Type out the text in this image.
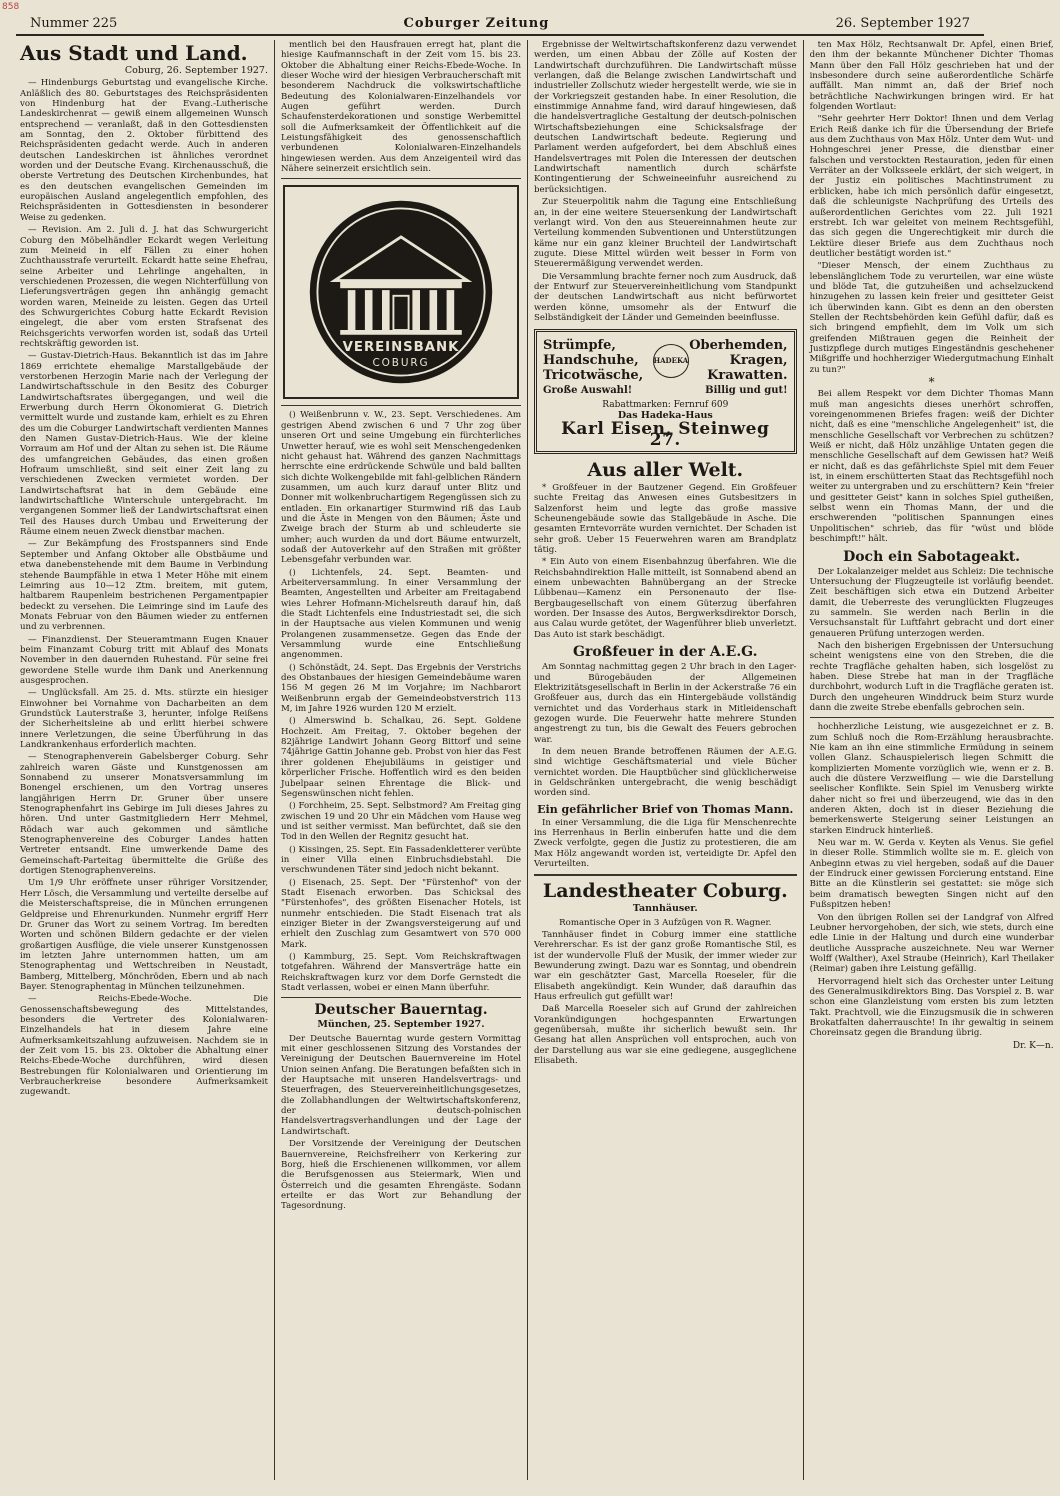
858
Nummer 225	Coburger Zeitung	26. September 1927
Aus Stadt und Land.
Coburg, 26. September 1927.

— Hindenburgs Geburtstag und evangelische Kirche. Anläßlich des 80. Geburtstages des Reichspräsidenten von Hindenburg hat der Evang.-Lutherische Landeskirchenrat — gewiß einem allgemeinen Wunsch entsprechend — veranlaßt, daß in den Gottesdiensten am Sonntag, den 2. Oktober fürbittend des Reichspräsidenten gedacht werde. Auch in anderen deutschen Landeskirchen ist ähnliches verordnet worden und der Deutsche Evang. Kirchenausschuß, die oberste Vertretung des Deutschen Kirchenbundes, hat es den deutschen evangelischen Gemeinden im europäischen Ausland angelegentlich empfohlen, des Reichspräsidenten in Gottesdiensten in besonderer Weise zu gedenken.

— Revision. Am 2. Juli d. J. hat das Schwurgericht Coburg den Möbelhändler Eckardt wegen Verleitung zum Meineid in elf Fällen zu einer hohen Zuchthausstrafe verurteilt. Eckardt hatte seine Ehefrau, seine Arbeiter und Lehrlinge angehalten, in verschiedenen Prozessen, die wegen Nichterfüllung von Lieferungsverträgen gegen ihn anhängig gemacht worden waren, Meineide zu leisten. Gegen das Urteil des Schwurgerichtes Coburg hatte Eckardt Revision eingelegt, die aber vom ersten Strafsenat des Reichsgerichts verworfen worden ist, sodaß das Urteil rechtskräftig geworden ist.

— Gustav-Dietrich-Haus. Bekanntlich ist das im Jahre 1869 errichtete ehemalige Marstallgebäude der verstorbenen Herzogin Marie nach der Verlegung der Landwirtschaftsschule in den Besitz des Coburger Landwirtschaftsrates übergegangen, und weil die Erwerbung durch Herrn Ökonomierat G. Dietrich vermittelt wurde und zustande kam, erhielt es zu Ehren des um die Coburger Landwirtschaft verdienten Mannes den Namen Gustav-Dietrich-Haus. Wie der kleine Vorraum am Hof und der Altan zu sehen ist. Die Räume des umfangreichen Gebäudes, das einen großen Hofraum umschließt, sind seit einer Zeit lang zu verschiedenen Zwecken vermietet worden. Der Landwirtschaftsrat hat in dem Gebäude eine landwirtschaftliche Winterschule untergebracht. Im vergangenen Sommer ließ der Landwirtschaftsrat einen Teil des Hauses durch Umbau und Erweiterung der Räume einem neuen Zweck dienstbar machen.

— Zur Bekämpfung des Frostspanners sind Ende September und Anfang Oktober alle Obstbäume und etwa danebenstehende mit dem Baume in Verbindung stehende Baumpfähle in etwa 1 Meter Höhe mit einem Leimring aus 10—12 Ztm. breitem, mit gutem, haltbarem Raupenleim bestrichenen Pergamentpapier bedeckt zu versehen. Die Leimringe sind im Laufe des Monats Februar von den Bäumen wieder zu entfernen und zu verbrennen.

— Finanzdienst. Der Steueramtmann Eugen Knauer beim Finanzamt Coburg tritt mit Ablauf des Monats November in den dauernden Ruhestand. Für seine frei gewordene Stelle wurde ihm Dank und Anerkennung ausgesprochen.

— Unglücksfall. Am 25. d. Mts. stürzte ein hiesiger Einwohner bei Vornahme von Dacharbeiten an dem Grundstück Lauterstraße 3, herunter, infolge Reißens der Sicherheitsleine ab und erlitt hierbei schwere innere Verletzungen, die seine Überführung in das Landkrankenhaus erforderlich machten.

— Stenographenverein Gabelsberger Coburg. Sehr zahlreich waren Gäste und Kunstgenossen am Sonnabend zu unserer Monatsversammlung im Bonengel erschienen, um den Vortrag unseres langjährigen Herrn Dr. Gruner über unsere Stenographenfahrt ins Gebirge im Juli dieses Jahres zu hören. Und unter Gastmitgliedern Herr Mehmel, Rödach war auch gekommen und sämtliche Stenographenvereine des Coburger Landes hatten Vertreter entsandt. Eine umwerkende Dame des Gemeinschaft-Parteitag übermittelte die Grüße des dortigen Stenographenvereins.

Um 1/9 Uhr eröffnete unser rühriger Vorsitzender, Herr Lösch, die Versammlung und verteilte derselbe auf die Meisterschaftspreise, die in München errungenen Geldpreise und Ehrenurkunden. Nunmehr ergriff Herr Dr. Gruner das Wort zu seinem Vortrag. Im beredten Worten und schönen Bildern gedachte er der vielen großartigen Ausflüge, die viele unserer Kunstgenossen im letzten Jahre unternommen hatten, um am Stenographentag und Wettschreiben in Neustadt, Bamberg, Mittelberg, Mönchröden, Ebern und ab nach Bayer. Stenographentag in München teilzunehmen.

— Reichs-Ebede-Woche. Die Genossenschaftsbewegung des Mittelstandes, besonders die Vertreter des Kolonialwaren-Einzelhandels hat in diesem Jahre eine Aufmerksamkeitszahlung aufzuweisen. Nachdem sie in der Zeit vom 15. bis 23. Oktober die Abhaltung einer Reichs-Ebede-Woche durchführen, wird diesen Bestrebungen für Kolonialwaren und Orientierung im Verbraucherkreise besondere Aufmerksamkeit zugewandt.

mentlich bei den Hausfrauen erregt hat, plant die hiesige Kaufmannschaft in der Zeit vom 15. bis 23. Oktober die Abhaltung einer Reichs-Ebede-Woche. In dieser Woche wird der hiesigen Verbraucherschaft mit besonderem Nachdruck die volkswirtschaftliche Bedeutung des Kolonialwaren-Einzelhandels vor Augen geführt werden. Durch Schaufensterdekorationen und sonstige Werbemittel soll die Aufmerksamkeit der Öffentlichkeit auf die Leistungsfähigkeit des genossenschaftlich verbundenen Kolonialwaren-Einzelhandels hingewiesen werden. Aus dem Anzeigenteil wird das Nähere seinerzeit ersichtlich sein.

VEREINSBANK
COBURG

() Weißenbrunn v. W., 23. Sept. Verschiedenes. Am gestrigen Abend zwischen 6 und 7 Uhr zog über unseren Ort und seine Umgebung ein fürchterliches Unwetter herauf, wie es wohl seit Menschengedenken nicht gehaust hat. Während des ganzen Nachmittags herrschte eine erdrückende Schwüle und bald ballten sich dichte Wolkengebilde mit fahl-gelblichen Rändern zusammen, um auch kurz darauf unter Blitz und Donner mit wolkenbruchartigem Regengüssen sich zu entladen. Ein orkanartiger Sturmwind riß das Laub und die Äste in Mengen von den Bäumen; Äste und Zweige brach der Sturm ab und schleuderte sie umher; auch wurden da und dort Bäume entwurzelt, sodaß der Autoverkehr auf den Straßen mit größter Lebensgefahr verbunden war.

() Lichtenfels, 24. Sept. Beamten- und Arbeiterversammlung. In einer Versammlung der Beamten, Angestellten und Arbeiter am Freitagabend wies Lehrer Hofmann-Michelsreuth darauf hin, daß die Stadt Lichtenfels eine Industriestadt sei, die sich in der Hauptsache aus vielen Kommunen und wenig Prolangenen zusammensetze. Gegen das Ende der Versammlung wurde eine Entschließung angenommen.

() Schönstädt, 24. Sept. Das Ergebnis der Verstrichs des Obstanbaues der hiesigen Gemeindebäume waren 156 M gegen 26 M im Vorjahre; im Nachbarort Weißenbrunn ergab der Gemeindeobstverstrich 113 M, im Jahre 1926 wurden 120 M erzielt.

() Almerswind b. Schalkau, 26. Sept. Goldene Hochzeit. Am Freitag, 7. Oktober begehen der 82jährige Landwirt Johann Georg Bittorf und seine 74jährige Gattin Johanne geb. Probst von hier das Fest ihrer goldenen Ehejubiläums in geistiger und körperlicher Frische. Hoffentlich wird es den beiden Jubelpaar seinen Ehrentage die Blick- und Segenswünschen nicht fehlen.

() Forchheim, 25. Sept. Selbstmord? Am Freitag ging zwischen 19 und 20 Uhr ein Mädchen vom Hause weg und ist seither vermisst. Man befürchtet, daß sie den Tod in den Wellen der Regnitz gesucht hat.

() Kissingen, 25. Sept. Ein Fassadenkletterer verübte in einer Villa einen Einbruchsdiebstahl. Die verschwundenen Täter sind jedoch nicht bekannt.

() Eisenach, 25. Sept. Der "Fürstenhof" von der Stadt Eisenach erworben. Das Schicksal des "Fürstenhofes", des größten Eisenacher Hotels, ist nunmehr entschieden. Die Stadt Eisenach trat als einziger Bieter in der Zwangsversteigerung auf und erhielt den Zuschlag zum Gesamtwert von 570 000 Mark.

() Kammburg, 25. Sept. Vom Reichskraftwagen totgefahren. Während der Mansverträge hatte ein Reichskraftwagen kurz vor dem Dorfe Gernstedt die Stadt verlassen, wobei er einen Mann überfuhr.

Deutscher Bauerntag.
München, 25. September 1927.

Der Deutsche Bauerntag wurde gestern Vormittag mit einer geschlossenen Sitzung des Vorstandes der Vereinigung der Deutschen Bauernvereine im Hotel Union seinen Anfang. Die Beratungen befaßten sich in der Hauptsache mit unseren Handelsvertrags- und Steuerfragen, des Steuervereinheitlichungsgesetzes, die Zollabhandlungen der Weltwirtschaftskonferenz, der deutsch-polnischen Handelsvertragsverhandlungen und der Lage der Landwirtschaft.

Der Vorsitzende der Vereinigung der Deutschen Bauernvereine, Reichsfreiherr von Kerkering zur Borg, hieß die Erschienenen willkommen, vor allem die Berufsgenossen aus Steiermark, Wien und Österreich und die gesamten Ehrengäste. Sodann erteilte er das Wort zur Behandlung der Tagesordnung.

Ergebnisse der Weltwirtschaftskonferenz dazu verwendet werden, um einen Abbau der Zölle auf Kosten der Landwirtschaft durchzuführen. Die Landwirtschaft müsse verlangen, daß die Belange zwischen Landwirtschaft und industrieller Zollschutz wieder hergestellt werde, wie sie in der Vorkriegszeit gestanden habe. In einer Resolution, die einstimmige Annahme fand, wird darauf hingewiesen, daß die handelsvertragliche Gestaltung der deutsch-polnischen Wirtschaftsbeziehungen eine Schicksalsfrage der deutschen Landwirtschaft bedeute. Regierung und Parlament werden aufgefordert, bei dem Abschluß eines Handelsvertrages mit Polen die Interessen der deutschen Landwirtschaft namentlich durch schärfste Kontingentierung der Schweineeinfuhr ausreichend zu berücksichtigen.

Zur Steuerpolitik nahm die Tagung eine Entschließung an, in der eine weitere Steuersenkung der Landwirtschaft verlangt wird. Von den aus Steuereinnahmen heute zur Verteilung kommenden Subventionen und Unterstützungen käme nur ein ganz kleiner Bruchteil der Landwirtschaft zugute. Diese Mittel würden weit besser in Form von Steuerermäßigung verwendet werden.

Die Versammlung brachte ferner noch zum Ausdruck, daß der Entwurf zur Steuervereinheitlichung vom Standpunkt der deutschen Landwirtschaft aus nicht befürwortet werden könne, umsomehr als der Entwurf die Selbständigkeit der Länder und Gemeinden beeinflusse.

Strümpfe, Handschuhe, Tricotwäsche,
HADEKA
Oberhemden, Kragen, Krawatten.
Große Auswahl!	Billig und gut!
Rabattmarken: Fernruf 609
Das Hadeka-Haus
Karl Eisen, Steinweg 27.
Aus aller Welt.

* Großfeuer in der Bautzener Gegend. Ein Großfeuer suchte Freitag das Anwesen eines Gutsbesitzers in Salzenforst heim und legte das große massive Scheunengebäude sowie das Stallgebäude in Asche. Die gesamten Erntevorräte wurden vernichtet. Der Schaden ist sehr groß. Ueber 15 Feuerwehren waren am Brandplatz tätig.

* Ein Auto von einem Eisenbahnzug überfahren. Wie die Reichsbahndirektion Halle mitteilt, ist Sonnabend abend an einem unbewachten Bahnübergang an der Strecke Lübbenau—Kamenz ein Personenauto der Ilse-Bergbaugesellschaft von einem Güterzug überfahren worden. Der Insasse des Autos, Bergwerksdirektor Dorsch, aus Calau wurde getötet, der Wagenführer blieb unverletzt. Das Auto ist stark beschädigt.

Großfeuer in der A.E.G.

Am Sonntag nachmittag gegen 2 Uhr brach in den Lager- und Bürogebäuden der Allgemeinen Elektrizitätsgesellschaft in Berlin in der Ackerstraße 76 ein Großfeuer aus, durch das ein Hintergebäude vollständig vernichtet und das Vorderhaus stark in Mitleidenschaft gezogen wurde. Die Feuerwehr hatte mehrere Stunden angestrengt zu tun, bis die Gewalt des Feuers gebrochen war.

In dem neuen Brande betroffenen Räumen der A.E.G. sind wichtige Geschäftsmaterial und viele Bücher vernichtet worden. Die Hauptbücher sind glücklicherweise in Geldschränken untergebracht, die wenig beschädigt worden sind.

Ein gefährlicher Brief von Thomas Mann.

In einer Versammlung, die die Liga für Menschenrechte ins Herrenhaus in Berlin einberufen hatte und die dem Zweck verfolgte, gegen die Justiz zu protestieren, die am Max Hölz angewandt worden ist, verteidigte Dr. Apfel den Verurteilten.

Landestheater Coburg.
Tannhäuser.

Romantische Oper in 3 Aufzügen von R. Wagner.

Tannhäuser findet in Coburg immer eine stattliche Verehrerschar. Es ist der ganz große Romantische Stil, es ist der wundervolle Fluß der Musik, der immer wieder zur Bewunderung zwingt. Dazu war es Sonntag, und obendrein war ein geschätzter Gast, Marcella Roeseler, für die Elisabeth angekündigt. Kein Wunder, daß daraufhin das Haus erfreulich gut gefüllt war!

Daß Marcella Roeseler sich auf Grund der zahlreichen Vorankündigungen hochgespannten Erwartungen gegenübersah, mußte ihr sicherlich bewußt sein. Ihr Gesang hat allen Ansprüchen voll entsprochen, auch von der Darstellung aus war sie eine gediegene, ausgeglichene Elisabeth.

ten Max Hölz, Rechtsanwalt Dr. Apfel, einen Brief, den ihm der bekannte Münchener Dichter Thomas Mann über den Fall Hölz geschrieben hat und der insbesondere durch seine außerordentliche Schärfe auffällt. Man nimmt an, daß der Brief noch beträchtliche Nachwirkungen bringen wird. Er hat folgenden Wortlaut:

"Sehr geehrter Herr Doktor! Ihnen und dem Verlag Erich Reiß danke ich für die Übersendung der Briefe aus dem Zuchthaus von Max Hölz. Unter dem Wut- und Hohngeschrei jener Presse, die dienstbar einer falschen und verstockten Restauration, jeden für einen Verräter an der Volksseele erklärt, der sich weigert, in der Justiz ein politisches Machtinstrument zu erblicken, habe ich mich persönlich dafür eingesetzt, daß die schleunigste Nachprüfung des Urteils des außerordentlichen Gerichtes vom 22. Juli 1921 erstrebt. Ich war geleitet von meinem Rechtsgefühl, das sich gegen die Ungerechtigkeit mir durch die Lektüre dieser Briefe aus dem Zuchthaus noch deutlicher bestätigt worden ist."

"Dieser Mensch, der einem Zuchthaus zu lebenslänglichem Tode zu verurteilen, war eine wüste und blöde Tat, die gutzuheißen und achselzuckend hinzugehen zu lassen kein freier und gesitteter Geist ich überwinden kann. Gibt es denn an den obersten Stellen der Rechtsbehörden kein Gefühl dafür, daß es sich bringend empfiehlt, dem im Volk um sich greifenden Mißtrauen gegen die Reinheit der Justizpflege durch mutiges Eingeständnis geschehener Mißgriffe und hochherziger Wiedergutmachung Einhalt zu tun?"

*

Bei allem Respekt vor dem Dichter Thomas Mann muß man angesichts dieses unerhört schroffen, voreingenommenen Briefes fragen: weiß der Dichter nicht, daß es eine "menschliche Angelegenheit" ist, die menschliche Gesellschaft vor Verbrechen zu schützen? Weiß er nicht, daß Hölz unzählige Untaten gegen die menschliche Gesellschaft auf dem Gewissen hat? Weiß er nicht, daß es das gefährlichste Spiel mit dem Feuer ist, in einem erschütterten Staat das Rechtsgefühl noch weiter zu untergraben und zu erschüttern? Kein "freier und gesitteter Geist" kann in solches Spiel gutheißen, selbst wenn ein Thomas Mann, der und die erschwerenden "politischen Spannungen eines Unpolitischen" schrieb, das für "wüst und blöde beschimpft!" hält.

Doch ein Sabotageakt.

Der Lokalanzeiger meldet aus Schleiz: Die technische Untersuchung der Flugzeugteile ist vorläufig beendet. Zeit beschäftigen sich etwa ein Dutzend Arbeiter damit, die Ueberreste des verunglückten Flugzeuges zu sammeln. Sie werden nach Berlin in die Versuchsanstalt für Luftfahrt gebracht und dort einer genaueren Prüfung unterzogen werden.

Nach den bisherigen Ergebnissen der Untersuchung scheint wenigstens eine von den Streben, die die rechte Tragfläche gehalten haben, sich losgelöst zu haben. Diese Strebe hat man in der Tragfläche durchbohrt, wodurch Luft in die Tragfläche geraten ist. Durch den ungeheuren Winddruck beim Sturz wurde dann die zweite Strebe ebenfalls gebrochen sein.

hochherzliche Leistung, wie ausgezeichnet er z. B. zum Schluß noch die Rom-Erzählung herausbrachte. Nie kam an ihn eine stimmliche Ermüdung in seinem vollen Glanz. Schauspielerisch liegen Schmitt die komplizierten Momente vorzüglich wie, wenn er z. B. auch die düstere Verzweiflung — wie die Darstellung seelischer Konflikte. Sein Spiel im Venusberg wirkte daher nicht so frei und überzeugend, wie das in den anderen Akten, doch ist in dieser Beziehung die bemerkenswerte Steigerung seiner Leistungen an starken Eindruck hinterließ.

Neu war m. W. Gerda v. Keyten als Venus. Sie gefiel in dieser Rolle. Stimmlich wollte sie m. E. gleich von Anbeginn etwas zu viel hergeben, sodaß auf die Dauer der Eindruck einer gewissen Forcierung entstand. Eine Bitte an die Künstlerin sei gestattet: sie möge sich beim dramatisch bewegten Singen nicht auf den Fußspitzen heben!

Von den übrigen Rollen sei der Landgraf von Alfred Leubner hervorgehoben, der sich, wie stets, durch eine edle Linie in der Haltung und durch eine wunderbar deutliche Aussprache auszeichnete. Neu war Werner Wolff (Walther), Axel Straube (Heinrich), Karl Theilaker (Reimar) gaben ihre Leistung gefällig.

Hervorragend hielt sich das Orchester unter Leitung des Generalmusikdirektors Bing. Das Vorspiel z. B. war schon eine Glanzleistung vom ersten bis zum letzten Takt. Prachtvoll, wie die Einzugsmusik die in schweren Brokatfalten daherrauschte! In ihr gewaltig in seinem Choreinsatz gegen die Brandung übrig.

Dr. K—n.
